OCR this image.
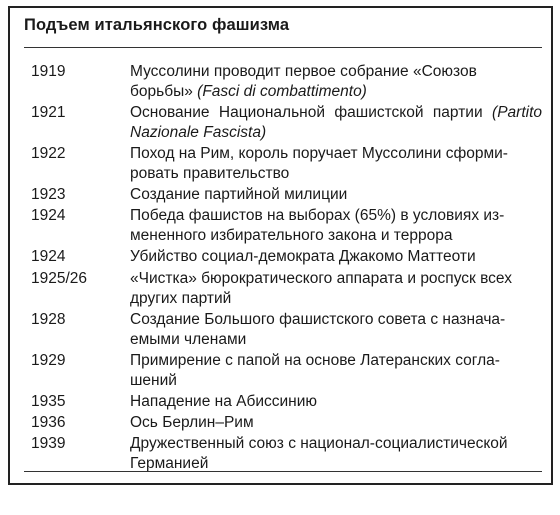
Подъем итальянского фашизма
1919	Муссолини проводит первое собрание «Союзов
борьбы» (Fasci di combattimento)
1921	Основание Национальной фашистской партии (Partito Nazionale Fascista)
1922	Поход на Рим, король поручает Муссолини сформи-
ровать правительство
1923	Создание партийной милиции
1924	Победа фашистов на выборах (65%) в условиях из-
мененного избирательного закона и террора
1924	Убийство социал-демократа Джакомо Маттеоти
1925/26	«Чистка» бюрократического аппарата и роспуск всех
других партий
1928	Создание Большого фашистского совета с назнача-
емыми членами
1929	Примирение с папой на основе Латеранских согла-
шений
1935	Нападение на Абиссинию
1936	Ось Берлин–Рим
1939	Дружественный союз с национал-социалистической
Германией
